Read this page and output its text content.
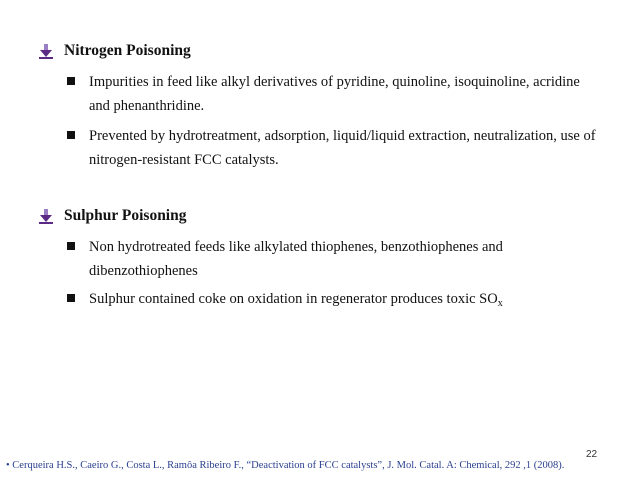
Nitrogen Poisoning
Impurities in feed like alkyl derivatives of pyridine, quinoline, isoquinoline, acridine and phenanthridine.
Prevented by hydrotreatment, adsorption, liquid/liquid extraction, neutralization, use of nitrogen-resistant FCC catalysts.
Sulphur Poisoning
Non hydrotreated feeds like alkylated thiophenes, benzothiophenes and dibenzothiophenes
Sulphur contained coke on oxidation in regenerator produces toxic $SO_x$
22
• Cerqueira H.S., Caeiro G., Costa L., Ramôa Ribeiro F., “Deactivation of FCC catalysts”, J. Mol. Catal. A: Chemical, 292 ,1 (2008).
